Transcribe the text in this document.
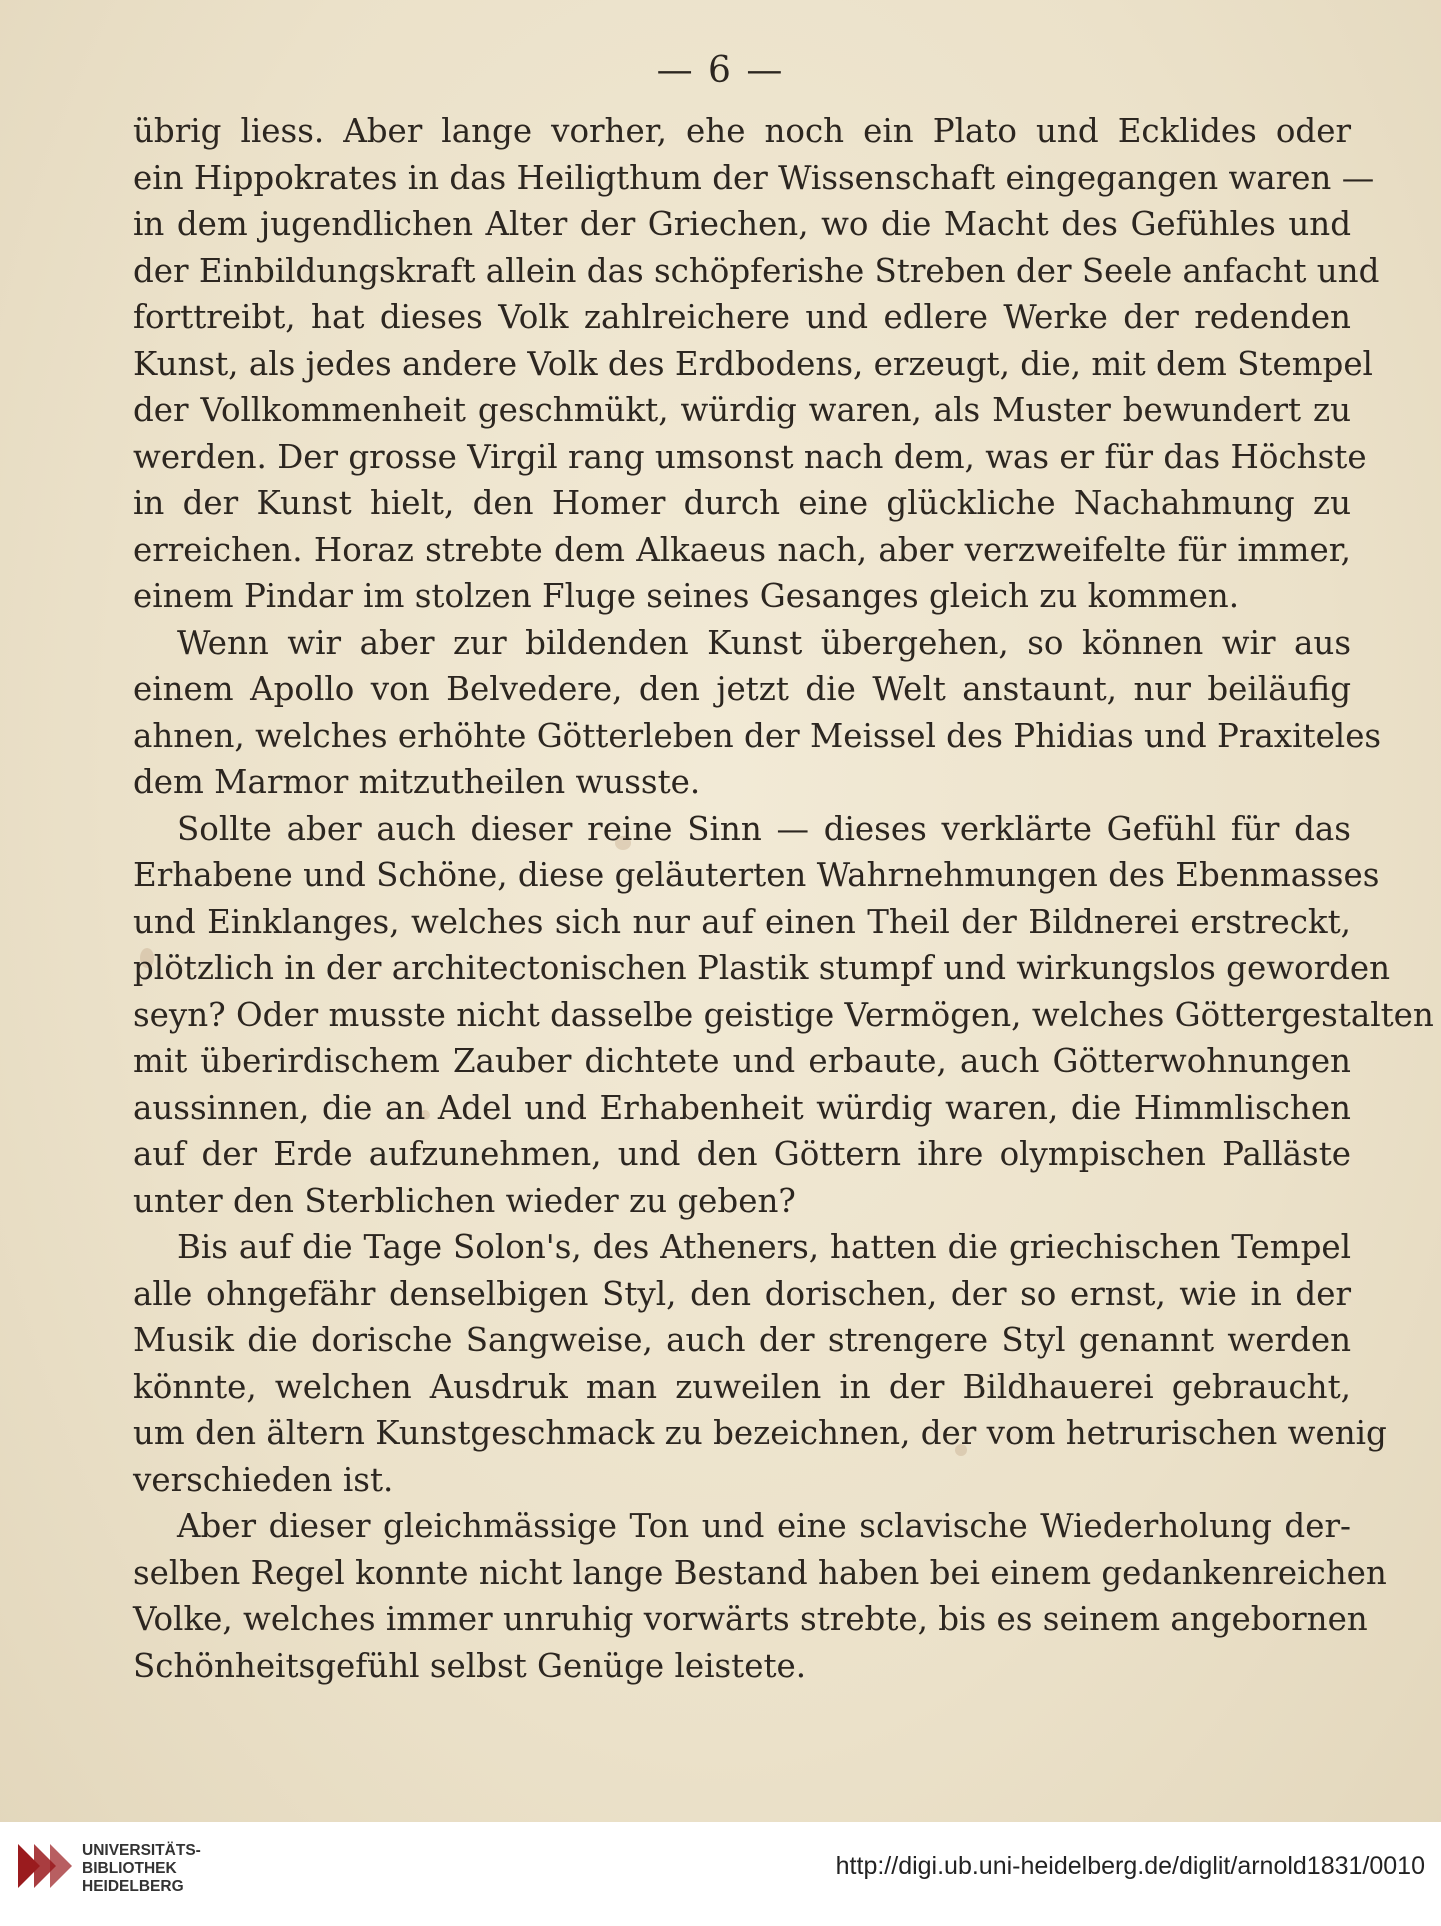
— 6 —
übrig liess. Aber lange vorher, ehe noch ein Plato und Ecklides oder
ein Hippokrates in das Heiligthum der Wissenschaft eingegangen waren —
in dem jugendlichen Alter der Griechen, wo die Macht des Gefühles und
der Einbildungskraft allein das schöpferishe Streben der Seele anfacht und
forttreibt, hat dieses Volk zahlreichere und edlere Werke der redenden
Kunst, als jedes andere Volk des Erdbodens, erzeugt, die, mit dem Stempel
der Vollkommenheit geschmükt, würdig waren, als Muster bewundert zu
werden. Der grosse Virgil rang umsonst nach dem, was er für das Höchste
in der Kunst hielt, den Homer durch eine glückliche Nachahmung zu
erreichen. Horaz strebte dem Alkaeus nach, aber verzweifelte für immer,
einem Pindar im stolzen Fluge seines Gesanges gleich zu kommen.
Wenn wir aber zur bildenden Kunst übergehen, so können wir aus
einem Apollo von Belvedere, den jetzt die Welt anstaunt, nur beiläufig
ahnen, welches erhöhte Götterleben der Meissel des Phidias und Praxiteles
dem Marmor mitzutheilen wusste.
Sollte aber auch dieser reine Sinn — dieses verklärte Gefühl für das
Erhabene und Schöne, diese geläuterten Wahrnehmungen des Ebenmasses
und Einklanges, welches sich nur auf einen Theil der Bildnerei erstreckt,
plötzlich in der architectonischen Plastik stumpf und wirkungslos geworden
seyn? Oder musste nicht dasselbe geistige Vermögen, welches Göttergestalten
mit überirdischem Zauber dichtete und erbaute, auch Götterwohnungen
aussinnen, die an Adel und Erhabenheit würdig waren, die Himmlischen
auf der Erde aufzunehmen, und den Göttern ihre olympischen Palläste
unter den Sterblichen wieder zu geben?
Bis auf die Tage Solon's, des Atheners, hatten die griechischen Tempel
alle ohngefähr denselbigen Styl, den dorischen, der so ernst, wie in der
Musik die dorische Sangweise, auch der strengere Styl genannt werden
könnte, welchen Ausdruk man zuweilen in der Bildhauerei gebraucht,
um den ältern Kunstgeschmack zu bezeichnen, der vom hetrurischen wenig
verschieden ist.
Aber dieser gleichmässige Ton und eine sclavische Wiederholung der-
selben Regel konnte nicht lange Bestand haben bei einem gedankenreichen
Volke, welches immer unruhig vorwärts strebte, bis es seinem angebornen
Schönheitsgefühl selbst Genüge leistete.
UNIVERSITÄTS-
BIBLIOTHEK
HEIDELBERG
http://digi.ub.uni-heidelberg.de/diglit/arnold1831/0010
